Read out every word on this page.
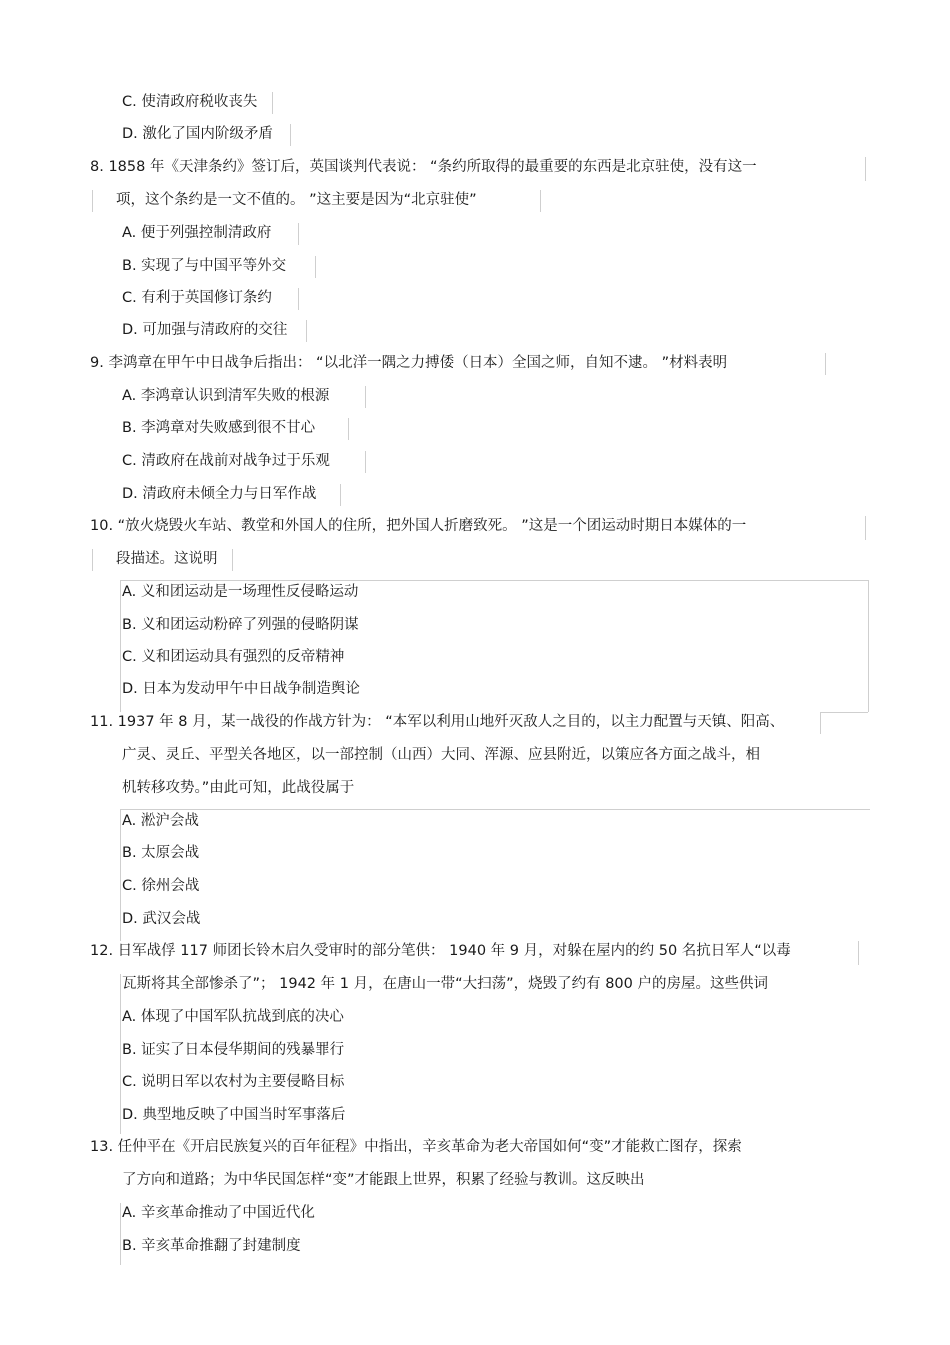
C. 使清政府税收丧失
D. 激化了国内阶级矛盾
8. 1858 年《天津条约》签订后，英国谈判代表说： “条约所取得的最重要的东西是北京驻使，没有这一
项，这个条约是一文不值的。 ”这主要是因为“北京驻使”
A. 便于列强控制清政府
B. 实现了与中国平等外交
C. 有利于英国修订条约
D. 可加强与清政府的交往
9. 李鸿章在甲午中日战争后指出： “以北洋一隅之力搏倭（日本）全国之师，自知不逮。 ”材料表明
A. 李鸿章认识到清军失败的根源
B. 李鸿章对失败感到很不甘心
C. 清政府在战前对战争过于乐观
D. 清政府未倾全力与日军作战
10. “放火烧毁火车站、教堂和外国人的住所，把外国人折磨致死。 ”这是一个团运动时期日本媒体的一
段描述。这说明
A. 义和团运动是一场理性反侵略运动
B. 义和团运动粉碎了列强的侵略阴谋
C. 义和团运动具有强烈的反帝精神
D. 日本为发动甲午中日战争制造舆论
11. 1937 年 8 月，某一战役的作战方针为： “本军以利用山地歼灭敌人之目的，以主力配置与天镇、阳高、
广灵、灵丘、平型关各地区，以一部控制（山西）大同、浑源、应县附近，以策应各方面之战斗，相
机转移攻势。”由此可知，此战役属于
A. 淞沪会战
B. 太原会战
C. 徐州会战
D. 武汉会战
12. 日军战俘 117 师团长铃木启久受审时的部分笔供： 1940 年 9 月，对躲在屋内的约 50 名抗日军人“以毒
瓦斯将其全部惨杀了”； 1942 年 1 月，在唐山一带“大扫荡”，烧毁了约有 800 户的房屋。这些供词
A. 体现了中国军队抗战到底的决心
B. 证实了日本侵华期间的残暴罪行
C. 说明日军以农村为主要侵略目标
D. 典型地反映了中国当时军事落后
13. 任仲平在《开启民族复兴的百年征程》中指出，辛亥革命为老大帝国如何“变”才能救亡图存，探索
了方向和道路；为中华民国怎样“变”才能跟上世界，积累了经验与教训。这反映出
A. 辛亥革命推动了中国近代化
B. 辛亥革命推翻了封建制度
